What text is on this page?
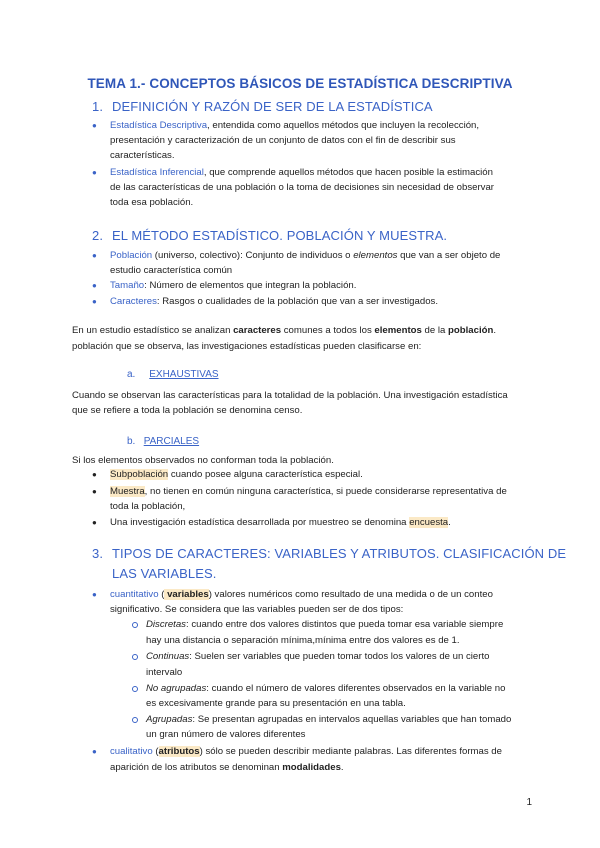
TEMA 1.- CONCEPTOS BÁSICOS DE ESTADÍSTICA DESCRIPTIVA
1. DEFINICIÓN Y RAZÓN DE SER DE LA ESTADÍSTICA
● Estadística Descriptiva, entendida como aquellos métodos que incluyen la recolección,
presentación y caracterización de un conjunto de datos con el fin de describir sus
características.
● Estadística Inferencial, que comprende aquellos métodos que hacen posible la estimación
de las características de una población o la toma de decisiones sin necesidad de observar
toda esa población.
2. EL MÉTODO ESTADÍSTICO. POBLACIÓN Y MUESTRA.
● Población (universo, colectivo): Conjunto de individuos o elementos que van a ser objeto de
estudio característica común
● Tamaño: Número de elementos que integran la población.
● Caracteres: Rasgos o cualidades de la población que van a ser investigados.
En un estudio estadístico se analizan caracteres comunes a todos los elementos de la población.
población que se observa, las investigaciones estadísticas pueden clasificarse en:
a. EXHAUSTIVAS
Cuando se observan las características para la totalidad de la población. Una investigación estadística
que se refiere a toda la población se denomina censo.
b. PARCIALES
Si los elementos observados no conforman toda la población.
● Subpoblación cuando posee alguna característica especial.
● Muestra, no tienen en común ninguna característica, si puede considerarse representativa de
toda la población,
● Una investigación estadística desarrollada por muestreo se denomina encuesta.
3. TIPOS DE CARACTERES: VARIABLES Y ATRIBUTOS. CLASIFICACIÓN DE
LAS VARIABLES.
● cuantitativo ( variables) valores numéricos como resultado de una medida o de un conteo
significativo. Se considera que las variables pueden ser de dos tipos:
Discretas: cuando entre dos valores distintos que pueda tomar esa variable siempre
hay una distancia o separación mínima,mínima entre dos valores es de 1.
Continuas: Suelen ser variables que pueden tomar todos los valores de un cierto
intervalo
No agrupadas: cuando el número de valores diferentes observados en la variable no
es excesivamente grande para su presentación en una tabla.
Agrupadas: Se presentan agrupadas en intervalos aquellas variables que han tomado
un gran número de valores diferentes
● cualitativo (atributos) sólo se pueden describir mediante palabras. Las diferentes formas de
aparición de los atributos se denominan modalidades.
1
